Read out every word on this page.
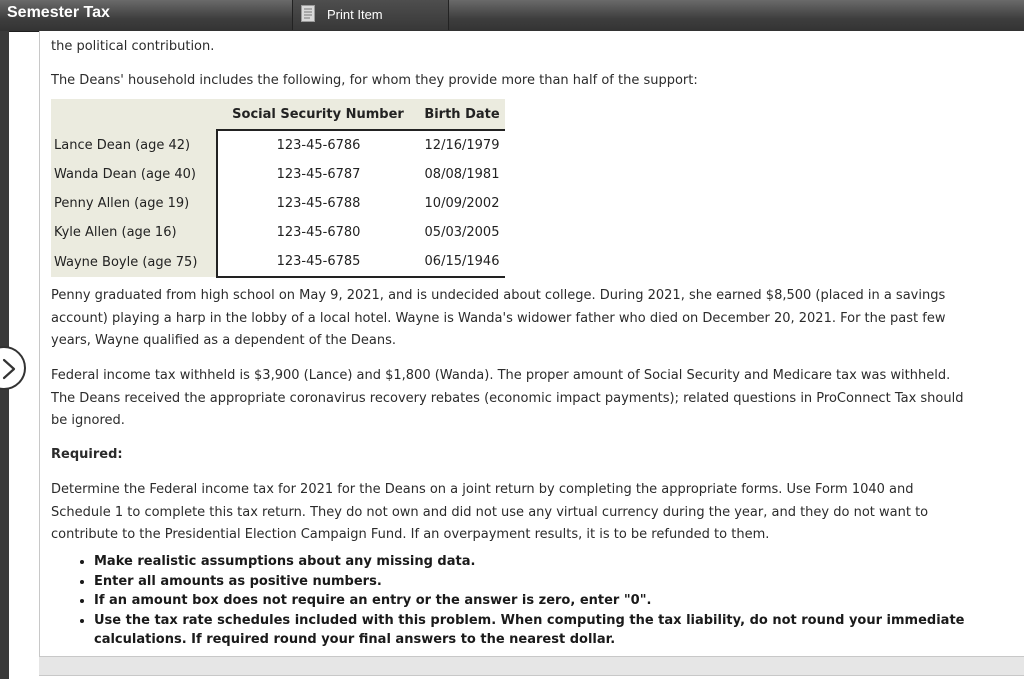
Semester Tax	Print Item
the political contribution.
The Deans' household includes the following, for whom they provide more than half of the support:
	Social Security Number	Birth Date
Lance Dean (age 42)	123-45-6786	12/16/1979
Wanda Dean (age 40)	123-45-6787	08/08/1981
Penny Allen (age 19)	123-45-6788	10/09/2002
Kyle Allen (age 16)	123-45-6780	05/03/2005
Wayne Boyle (age 75)	123-45-6785	06/15/1946
Penny graduated from high school on May 9, 2021, and is undecided about college. During 2021, she earned $8,500 (placed in a savings
account) playing a harp in the lobby of a local hotel. Wayne is Wanda's widower father who died on December 20, 2021. For the past few
years, Wayne qualified as a dependent of the Deans.
Federal income tax withheld is $3,900 (Lance) and $1,800 (Wanda). The proper amount of Social Security and Medicare tax was withheld.
The Deans received the appropriate coronavirus recovery rebates (economic impact payments); related questions in ProConnect Tax should
be ignored.
Required:
Determine the Federal income tax for 2021 for the Deans on a joint return by completing the appropriate forms. Use Form 1040 and
Schedule 1 to complete this tax return. They do not own and did not use any virtual currency during the year, and they do not want to
contribute to the Presidential Election Campaign Fund. If an overpayment results, it is to be refunded to them.
• Make realistic assumptions about any missing data.
• Enter all amounts as positive numbers.
• If an amount box does not require an entry or the answer is zero, enter "0".
• Use the tax rate schedules included with this problem. When computing the tax liability, do not round your immediate calculations. If required round your final answers to the nearest dollar.
